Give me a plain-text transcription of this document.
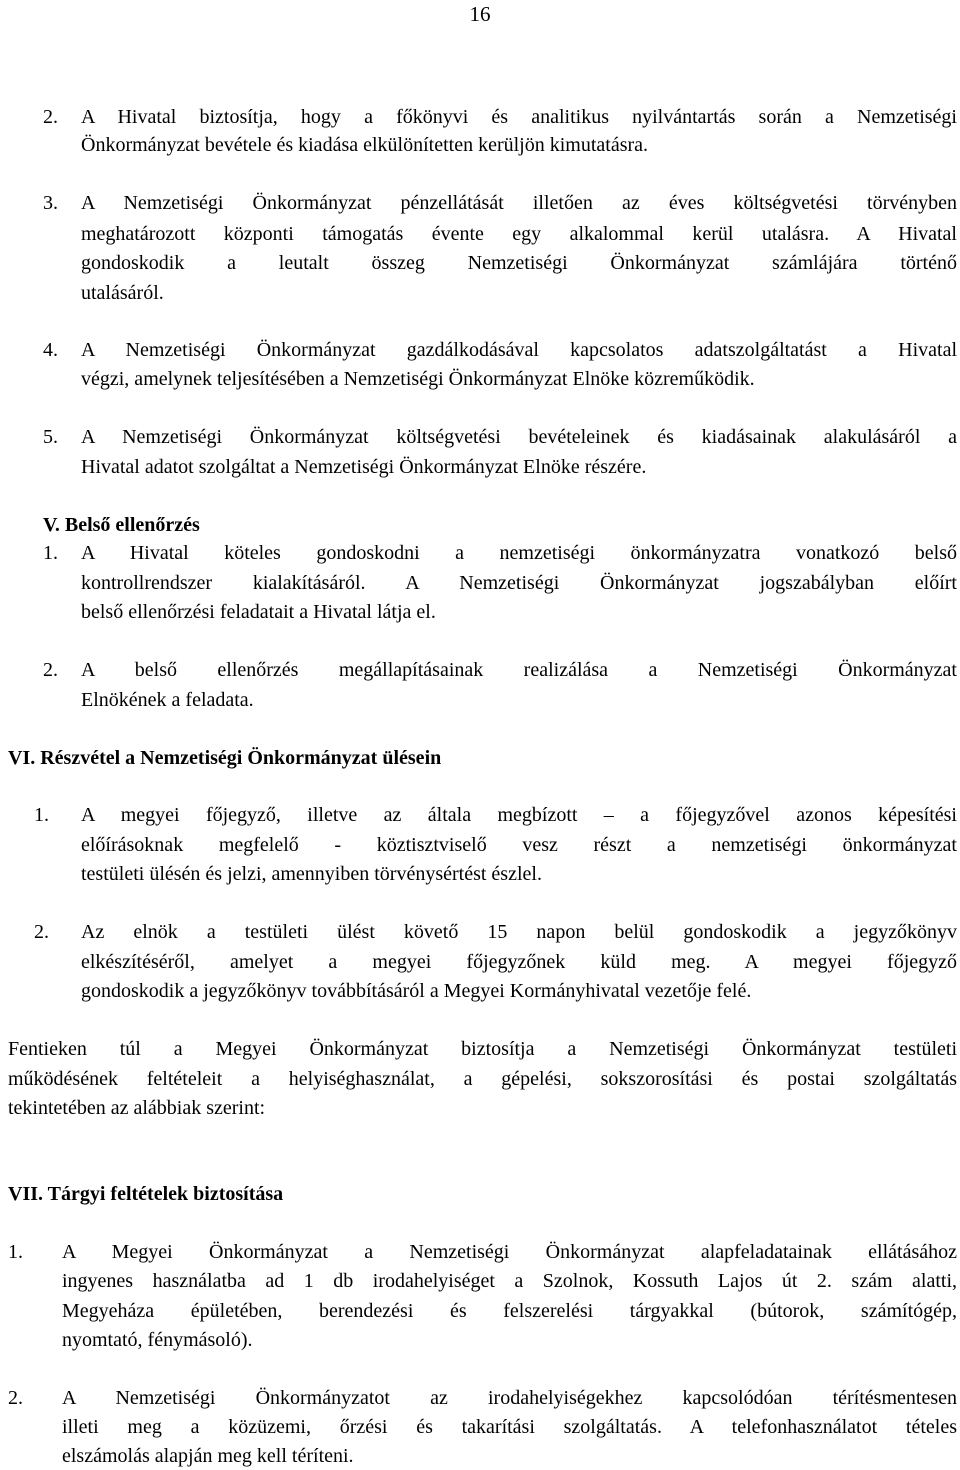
16
2. A Hivatal biztosítja, hogy a főkönyvi és analitikus nyilvántartás során a Nemzetiségi
Önkormányzat bevétele és kiadása elkülönítetten kerüljön kimutatásra.
3. A Nemzetiségi Önkormányzat pénzellátását illetően az éves költségvetési törvényben
meghatározott központi támogatás évente egy alkalommal kerül utalásra. A Hivatal
gondoskodik a leutalt összeg Nemzetiségi Önkormányzat számlájára történő
utalásáról.
4. A Nemzetiségi Önkormányzat gazdálkodásával kapcsolatos adatszolgáltatást a Hivatal
végzi, amelynek teljesítésében a Nemzetiségi Önkormányzat Elnöke közreműködik.
5. A Nemzetiségi Önkormányzat költségvetési bevételeinek és kiadásainak alakulásáról a
Hivatal adatot szolgáltat a Nemzetiségi Önkormányzat Elnöke részére.
V. Belső ellenőrzés
1. A Hivatal köteles gondoskodni a nemzetiségi önkormányzatra vonatkozó belső
kontrollrendszer kialakításáról. A Nemzetiségi Önkormányzat jogszabályban előírt
belső ellenőrzési feladatait a Hivatal látja el.
2. A belső ellenőrzés megállapításainak realizálása a Nemzetiségi Önkormányzat
Elnökének a feladata.
VI. Részvétel a Nemzetiségi Önkormányzat ülésein
1. A megyei főjegyző, illetve az általa megbízott – a főjegyzővel azonos képesítési
előírásoknak megfelelő - köztisztviselő vesz részt a nemzetiségi önkormányzat
testületi ülésén és jelzi, amennyiben törvénysértést észlel.
2. Az elnök a testületi ülést követő 15 napon belül gondoskodik a jegyzőkönyv
elkészítéséről, amelyet a megyei főjegyzőnek küld meg. A megyei főjegyző
gondoskodik a jegyzőkönyv továbbításáról a Megyei Kormányhivatal vezetője felé.
Fentieken túl a Megyei Önkormányzat biztosítja a Nemzetiségi Önkormányzat testületi
működésének feltételeit a helyiséghasználat, a gépelési, sokszorosítási és postai szolgáltatás
tekintetében az alábbiak szerint:
VII. Tárgyi feltételek biztosítása
1. A Megyei Önkormányzat a Nemzetiségi Önkormányzat alapfeladatainak ellátásához
ingyenes használatba ad 1 db irodahelyiséget a Szolnok, Kossuth Lajos út 2. szám alatti,
Megyeháza épületében, berendezési és felszerelési tárgyakkal (bútorok, számítógép,
nyomtató, fénymásoló).
2. A Nemzetiségi Önkormányzatot az irodahelyiségekhez kapcsolódóan térítésmentesen
illeti meg a közüzemi, őrzési és takarítási szolgáltatás. A telefonhasználatot tételes
elszámolás alapján meg kell téríteni.
